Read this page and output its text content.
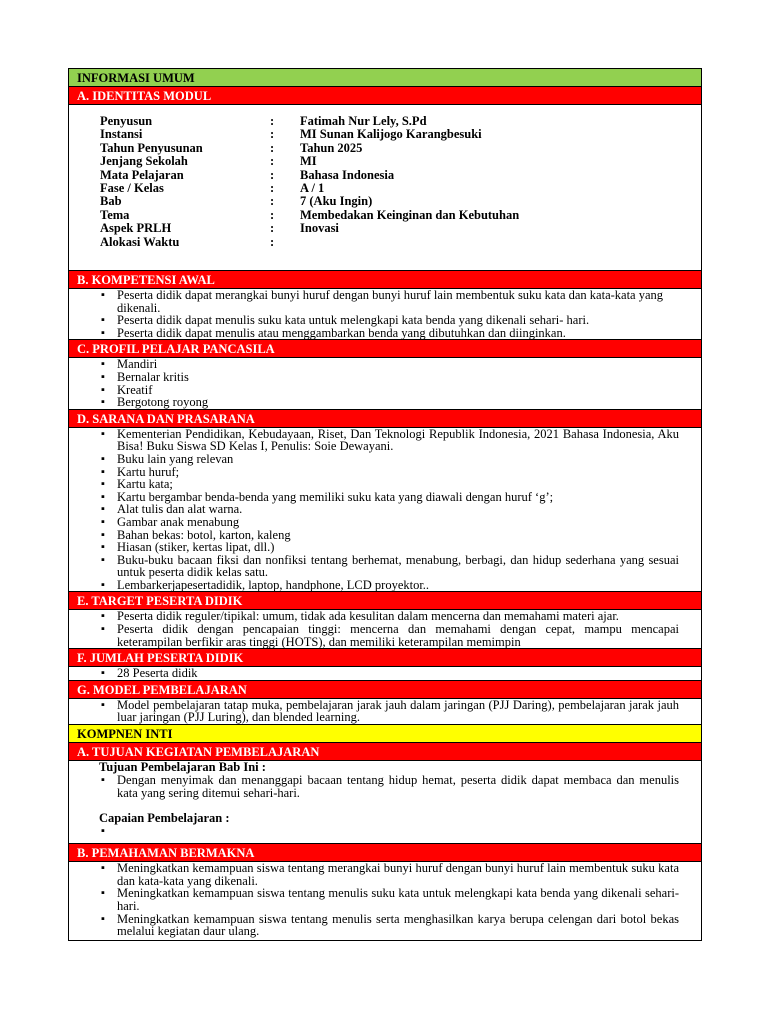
INFORMASI UMUM
A. IDENTITAS MODUL
Penyusun	:	Fatimah Nur Lely, S.Pd
Instansi	:	MI Sunan Kalijogo Karangbesuki
Tahun Penyusunan	:	Tahun 2025
Jenjang Sekolah	:	MI
Mata Pelajaran	:	Bahasa Indonesia
Fase / Kelas	:	A / 1
Bab	:	7 (Aku Ingin)
Tema	:	Membedakan Keinginan dan Kebutuhan
Aspek PRLH	:	Inovasi
Alokasi Waktu	:
B. KOMPETENSI AWAL
▪ Peserta didik dapat merangkai bunyi huruf dengan bunyi huruf lain membentuk suku kata dan kata-kata yang dikenali.
▪ Peserta didik dapat menulis suku kata untuk melengkapi kata benda yang dikenali sehari- hari.
▪ Peserta didik dapat menulis atau menggambarkan benda yang dibutuhkan dan diinginkan.
C. PROFIL PELAJAR PANCASILA
▪ Mandiri
▪ Bernalar kritis
▪ Kreatif
▪ Bergotong royong
D. SARANA DAN PRASARANA
▪ Kementerian Pendidikan, Kebudayaan, Riset, Dan Teknologi Republik Indonesia, 2021 Bahasa Indonesia, Aku Bisa! Buku Siswa SD Kelas I, Penulis: Soie Dewayani.
▪ Buku lain yang relevan
▪ Kartu huruf;
▪ Kartu kata;
▪ Kartu bergambar benda-benda yang memiliki suku kata yang diawali dengan huruf ‘g’;
▪ Alat tulis dan alat warna.
▪ Gambar anak menabung
▪ Bahan bekas: botol, karton, kaleng
▪ Hiasan (stiker, kertas lipat, dll.)
▪ Buku-buku bacaan fiksi dan nonfiksi tentang berhemat, menabung, berbagi, dan hidup sederhana yang sesuai untuk peserta didik kelas satu.
▪ Lembarkerjapesertadidik, laptop, handphone, LCD proyektor..
E. TARGET PESERTA DIDIK
▪ Peserta didik reguler/tipikal: umum, tidak ada kesulitan dalam mencerna dan memahami materi ajar.
▪ Peserta didik dengan pencapaian tinggi: mencerna dan memahami dengan cepat, mampu mencapai keterampilan berfikir aras tinggi (HOTS), dan memiliki keterampilan memimpin
F. JUMLAH PESERTA DIDIK
▪ 28 Peserta didik
G. MODEL PEMBELAJARAN
▪ Model pembelajaran tatap muka, pembelajaran jarak jauh dalam jaringan (PJJ Daring), pembelajaran jarak jauh luar jaringan (PJJ Luring), dan blended learning.
KOMPNEN INTI
A. TUJUAN KEGIATAN PEMBELAJARAN
Tujuan Pembelajaran Bab Ini :
▪ Dengan menyimak dan menanggapi bacaan tentang hidup hemat, peserta didik dapat membaca dan menulis kata yang sering ditemui sehari-hari.
Capaian Pembelajaran :
B. PEMAHAMAN BERMAKNA
▪ Meningkatkan kemampuan siswa tentang merangkai bunyi huruf dengan bunyi huruf lain membentuk suku kata dan kata-kata yang dikenali.
▪ Meningkatkan kemampuan siswa tentang menulis suku kata untuk melengkapi kata benda yang dikenali sehari-hari.
▪ Meningkatkan kemampuan siswa tentang menulis serta menghasilkan karya berupa celengan dari botol bekas melalui kegiatan daur ulang.
